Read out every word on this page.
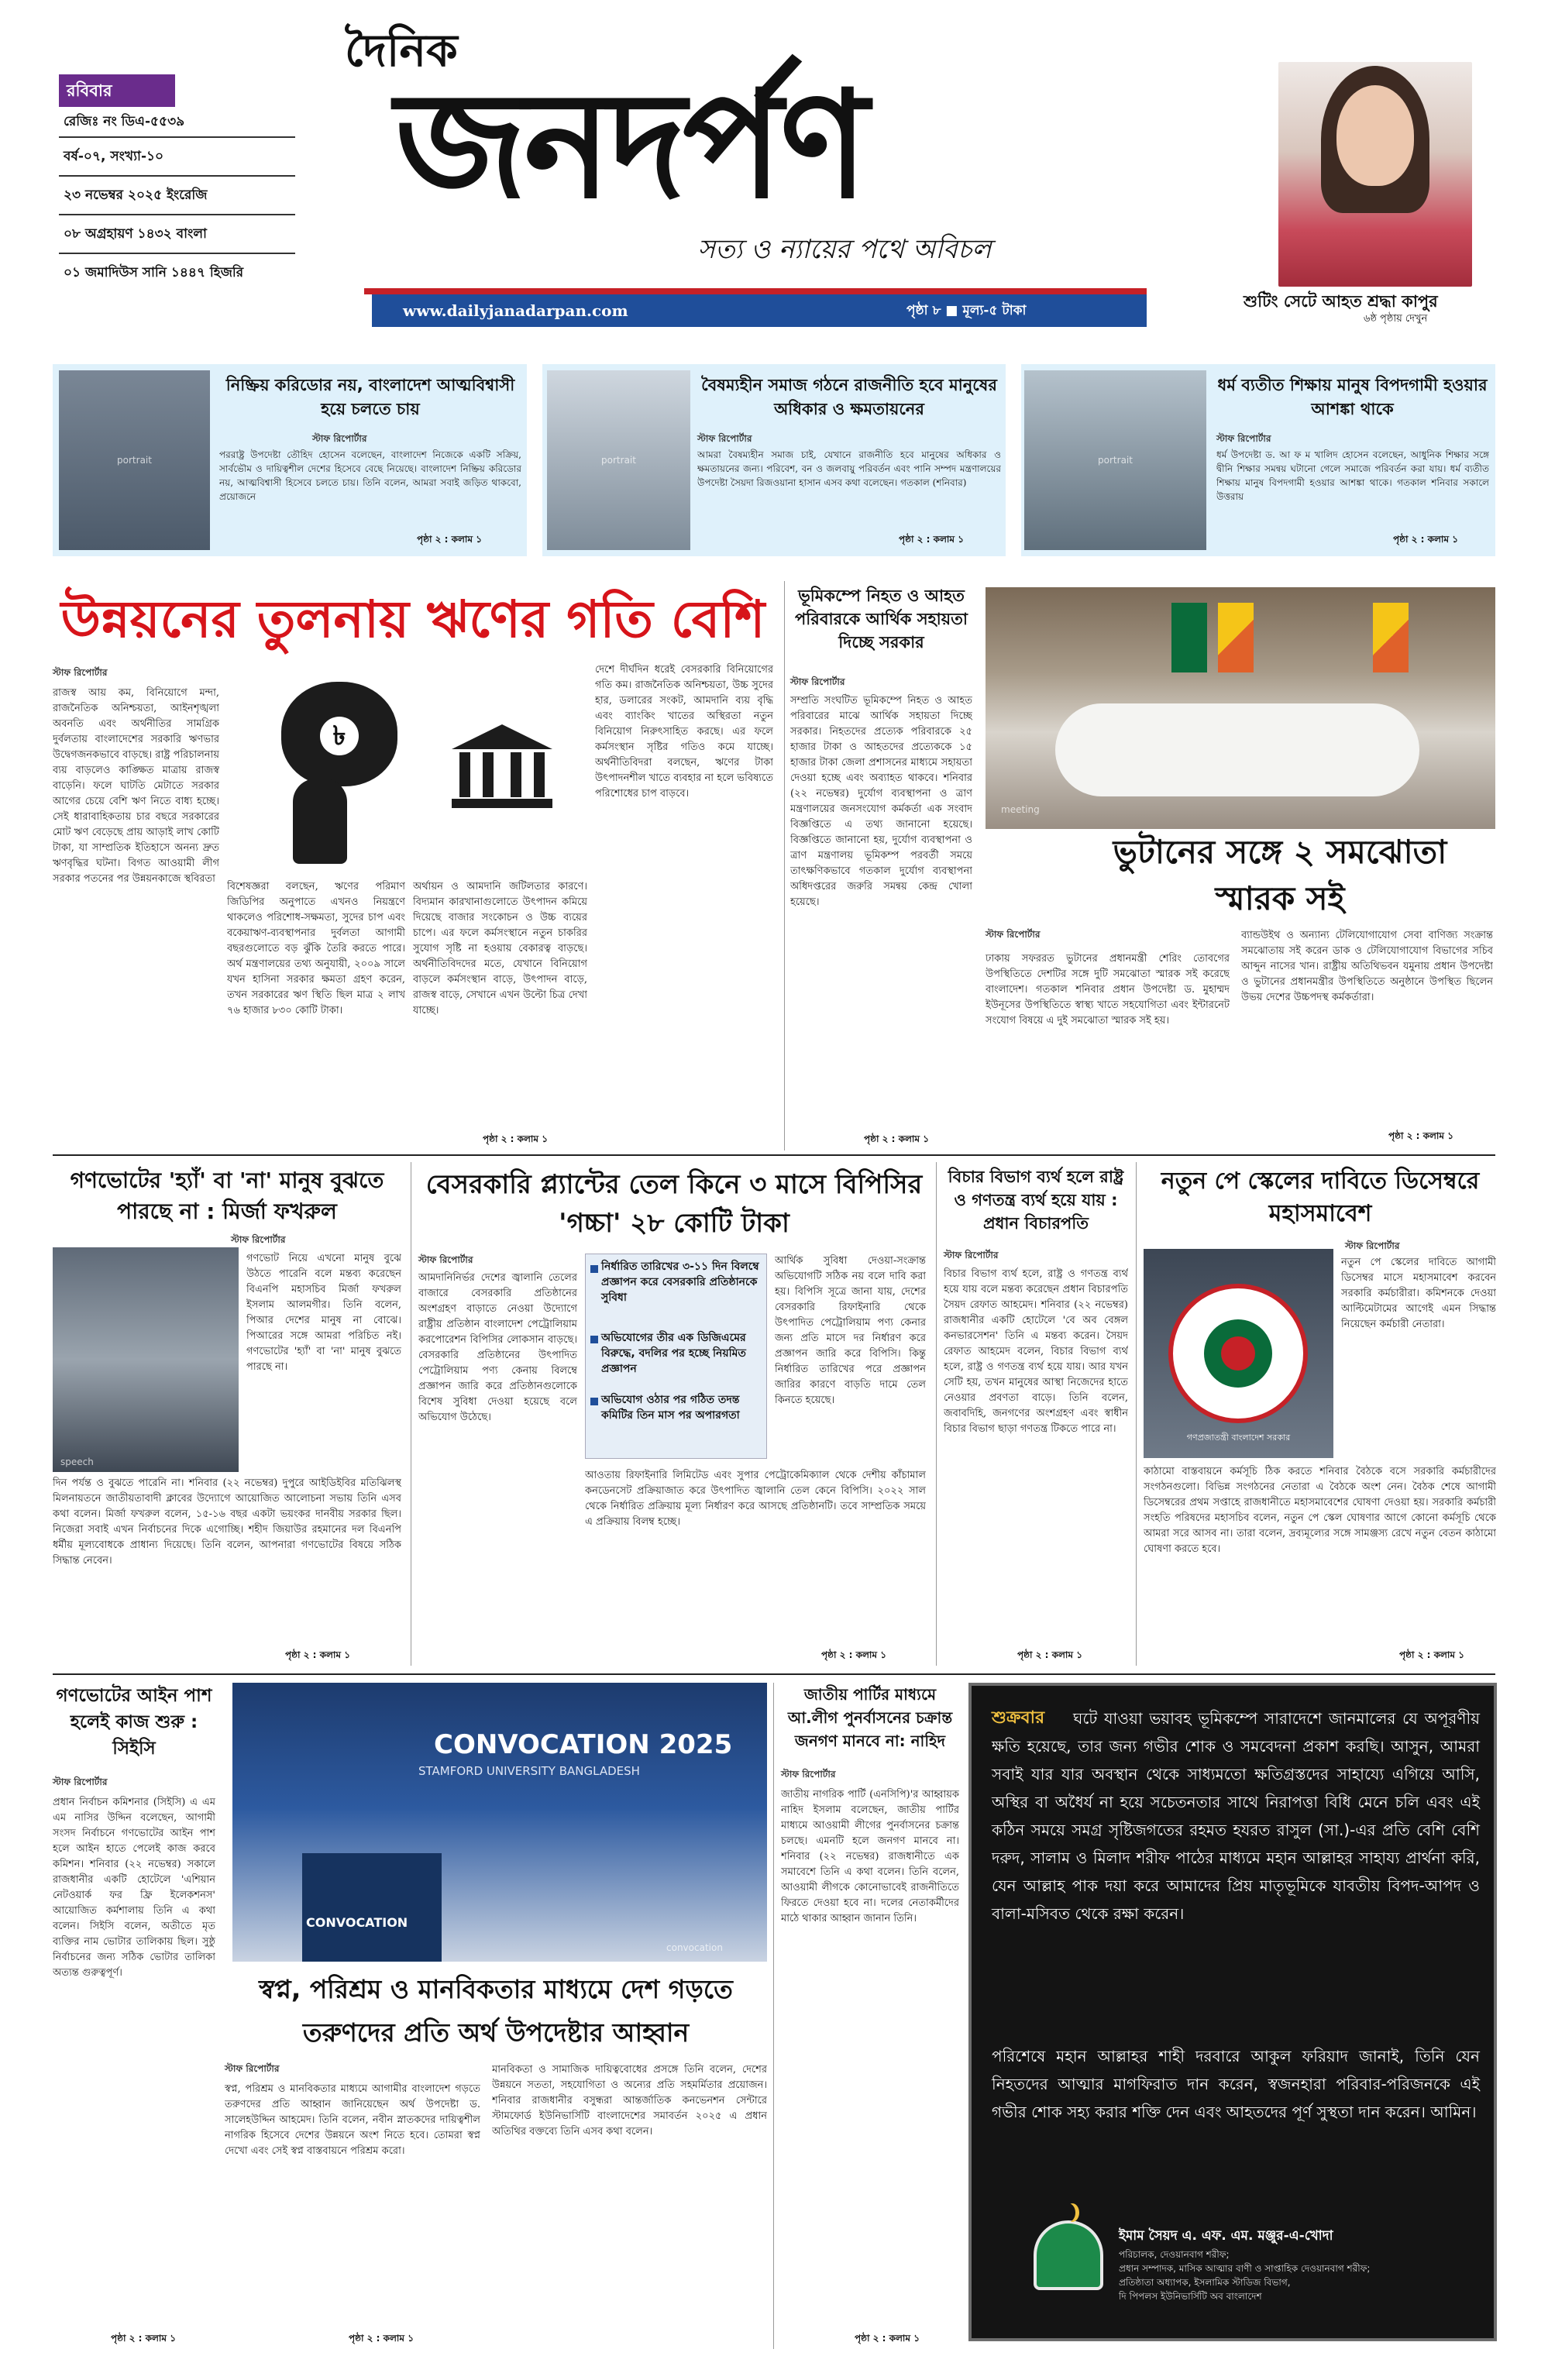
রবিবার
রেজিঃ নং ডিএ-৫৫৩৯
বর্ষ-০৭, সংখ্যা-১০
২৩ নভেম্বর ২০২৫ ইংরেজি
০৮ অগ্রহায়ণ ১৪৩২ বাংলা
০১ জমাদিউস সানি ১৪৪৭ হিজরি
দৈনিক
জনদর্পণ
সত্য ও ন্যায়ের পথে অবিচল
www.dailyjanadarpan.com	পৃষ্ঠা ৮ ■ মূল্য-৫ টাকা	শুটিং সেটে আহত শ্রদ্ধা কাপুর
৬ষ্ঠ পৃষ্ঠায় দেখুন
portrait
নিষ্ক্রিয় করিডোর নয়, বাংলাদেশ আত্মবিশ্বাসী হয়ে চলতে চায়
স্টাফ রিপোর্টার
পররাষ্ট্র উপদেষ্টা তৌহিদ হোসেন বলেছেন, বাংলাদেশ নিজেকে একটি সক্রিয়, সার্বভৌম ও দায়িত্বশীল দেশের হিসেবে বেছে নিয়েছে। বাংলাদেশ নিষ্ক্রিয় করিডোর নয়, আত্মবিশ্বাসী হিসেবে চলতে চায়। তিনি বলেন, আমরা সবাই জড়িত থাকবো, প্রয়োজনে
পৃষ্ঠা ২ : কলাম ১
portrait
বৈষম্যহীন সমাজ গঠনে রাজনীতি হবে মানুষের অধিকার ও ক্ষমতায়নের
স্টাফ রিপোর্টার
আমরা বৈষম্যহীন সমাজ চাই, যেখানে রাজনীতি হবে মানুষের অধিকার ও ক্ষমতায়নের জন্য। পরিবেশ, বন ও জলবায়ু পরিবর্তন এবং পানি সম্পদ মন্ত্রণালয়ের উপদেষ্টা সৈয়দা রিজওয়ানা হাসান এসব কথা বলেছেন। গতকাল (শনিবার)
পৃষ্ঠা ২ : কলাম ১
portrait
ধর্ম ব্যতীত শিক্ষায় মানুষ বিপদগামী হওয়ার আশঙ্কা থাকে
স্টাফ রিপোর্টার
ধর্ম উপদেষ্টা ড. আ ফ ম খালিদ হোসেন বলেছেন, আধুনিক শিক্ষার সঙ্গে দ্বীনি শিক্ষার সমন্বয় ঘটানো গেলে সমাজে পরিবর্তন করা যায়। ধর্ম ব্যতীত শিক্ষায় মানুষ বিপদগামী হওয়ার আশঙ্কা থাকে। গতকাল শনিবার সকালে উত্তরায়
পৃষ্ঠা ২ : কলাম ১
উন্নয়নের তুলনায় ঋণের গতি বেশি
স্টাফ রিপোর্টার
৳
ব্যাংক
রাজস্ব আয় কম, বিনিয়োগে মন্দা, রাজনৈতিক অনিশ্চয়তা, আইনশৃঙ্খলা অবনতি এবং অর্থনীতির সামগ্রিক দুর্বলতায় বাংলাদেশের সরকারি ঋণভার উদ্বেগজনকভাবে বাড়ছে। রাষ্ট্র পরিচালনায় ব্যয় বাড়লেও কাঙ্ক্ষিত মাত্রায় রাজস্ব বাড়েনি। ফলে ঘাটতি মেটাতে সরকার আগের চেয়ে বেশি ঋণ নিতে বাধ্য হচ্ছে। সেই ধারাবাহিকতায় চার বছরে সরকারের মোট ঋণ বেড়েছে প্রায় আড়াই লাখ কোটি টাকা, যা সাম্প্রতিক ইতিহাসে অনন্য দ্রুত ঋণবৃদ্ধির ঘটনা। বিগত আওয়ামী লীগ সরকার পতনের পর উন্নয়নকাজে স্থবিরতা
দেশে দীর্ঘদিন ধরেই বেসরকারি বিনিয়োগের গতি কম। রাজনৈতিক অনিশ্চয়তা, উচ্চ সুদের হার, ডলারের সংকট, আমদানি ব্যয় বৃদ্ধি এবং ব্যাংকিং খাতের অস্থিরতা নতুন বিনিয়োগ নিরুৎসাহিত করছে। এর ফলে কর্মসংস্থান সৃষ্টির গতিও কমে যাচ্ছে। অর্থনীতিবিদরা বলছেন, ঋণের টাকা উৎপাদনশীল খাতে ব্যবহার না হলে ভবিষ্যতে পরিশোধের চাপ বাড়বে।
বিশেষজ্ঞরা বলছেন, ঋণের পরিমাণ জিডিপির অনুপাতে এখনও নিয়ন্ত্রণে থাকলেও পরিশোধ-সক্ষমতা, সুদের চাপ এবং বকেয়াঋণ-ব্যবস্থাপনার দুর্বলতা আগামী বছরগুলোতে বড় ঝুঁকি তৈরি করতে পারে। অর্থ মন্ত্রণালয়ের তথ্য অনুযায়ী, ২০০৯ সালে যখন হাসিনা সরকার ক্ষমতা গ্রহণ করেন, তখন সরকারের ঋণ স্থিতি ছিল মাত্র ২ লাখ ৭৬ হাজার ৮৩০ কোটি টাকা।
অর্থায়ন ও আমদানি জটিলতার কারণে। বিদ্যমান কারখানাগুলোতে উৎপাদন কমিয়ে দিয়েছে বাজার সংকোচন ও উচ্চ ব্যয়ের চাপে। এর ফলে কর্মসংস্থানে নতুন চাকরির সুযোগ সৃষ্টি না হওয়ায় বেকারত্ব বাড়ছে। অর্থনীতিবিদদের মতে, যেখানে বিনিয়োগ বাড়লে কর্মসংস্থান বাড়ে, উৎপাদন বাড়ে, রাজস্ব বাড়ে, সেখানে এখন উল্টো চিত্র দেখা যাচ্ছে।
পৃষ্ঠা ২ : কলাম ১
ভূমিকম্পে নিহত ও আহত পরিবারকে আর্থিক সহায়তা দিচ্ছে সরকার
স্টাফ রিপোর্টার
সম্প্রতি সংঘটিত ভূমিকম্পে নিহত ও আহত পরিবারের মাঝে আর্থিক সহায়তা দিচ্ছে সরকার। নিহতদের প্রত্যেক পরিবারকে ২৫ হাজার টাকা ও আহতদের প্রত্যেককে ১৫ হাজার টাকা জেলা প্রশাসনের মাধ্যমে সহায়তা দেওয়া হচ্ছে এবং অব্যাহত থাকবে। শনিবার (২২ নভেম্বর) দুর্যোগ ব্যবস্থাপনা ও ত্রাণ মন্ত্রণালয়ের জনসংযোগ কর্মকর্তা এক সংবাদ বিজ্ঞপ্তিতে এ তথ্য জানানো হয়েছে। বিজ্ঞপ্তিতে জানানো হয়, দুর্যোগ ব্যবস্থাপনা ও ত্রাণ মন্ত্রণালয় ভূমিকম্প পরবর্তী সময়ে তাৎক্ষণিকভাবে গতকাল দুর্যোগ ব্যবস্থাপনা অধিদপ্তরের জরুরি সমন্বয় কেন্দ্র খোলা হয়েছে।
পৃষ্ঠা ২ : কলাম ১
meeting
ভুটানের সঙ্গে ২ সমঝোতা স্মারক সই
স্টাফ রিপোর্টার
ঢাকায় সফররত ভুটানের প্রধানমন্ত্রী শেরিং তোবগের উপস্থিতিতে দেশটির সঙ্গে দুটি সমঝোতা স্মারক সই করেছে বাংলাদেশ। গতকাল শনিবার প্রধান উপদেষ্টা ড. মুহাম্মদ ইউনূসের উপস্থিতিতে স্বাস্থ্য খাতে সহযোগিতা এবং ইন্টারনেট সংযোগ বিষয়ে এ দুই সমঝোতা স্মারক সই হয়।
ব্যান্ডউইথ ও অন্যান্য টেলিযোগাযোগ সেবা বাণিজ্য সংক্রান্ত সমঝোতায় সই করেন ডাক ও টেলিযোগাযোগ বিভাগের সচিব আব্দুন নাসের খান। রাষ্ট্রীয় অতিথিভবন যমুনায় প্রধান উপদেষ্টা ও ভুটানের প্রধানমন্ত্রীর উপস্থিতিতে অনুষ্ঠানে উপস্থিত ছিলেন উভয় দেশের উচ্চপদস্থ কর্মকর্তারা।
পৃষ্ঠা ২ : কলাম ১
গণভোটের 'হ্যাঁ' বা 'না' মানুষ বুঝতে পারছে না : মির্জা ফখরুল
স্টাফ রিপোর্টার
speech
গণভোট নিয়ে এখনো মানুষ বুঝে উঠতে পারেনি বলে মন্তব্য করেছেন বিএনপি মহাসচিব মির্জা ফখরুল ইসলাম আলমগীর। তিনি বলেন, পিআর দেশের মানুষ না বোঝে। পিআরের সঙ্গে আমরা পরিচিত নই। গণভোটের 'হ্যাঁ' বা 'না' মানুষ বুঝতে পারছে না।
দিন পর্যন্ত ও বুঝতে পারেনি না। শনিবার (২২ নভেম্বর) দুপুরে আইডিইবির মতিঝিলস্থ মিলনায়তনে জাতীয়তাবাদী ক্লাবের উদ্যোগে আয়োজিত আলোচনা সভায় তিনি এসব কথা বলেন। মির্জা ফখরুল বলেন, ১৫-১৬ বছর একটা ভয়ংকর দানবীয় সরকার ছিল। নিজেরা সবাই এখন নির্বাচনের দিকে এগোচ্ছি। শহীদ জিয়াউর রহমানের দল বিএনপি ধর্মীয় মূল্যবোধকে প্রাধান্য দিয়েছে। তিনি বলেন, আপনারা গণভোটের বিষয়ে সঠিক সিদ্ধান্ত নেবেন।
পৃষ্ঠা ২ : কলাম ১
বেসরকারি প্ল্যান্টের তেল কিনে ৩ মাসে বিপিসির 'গচ্চা' ২৮ কোটি টাকা
স্টাফ রিপোর্টার
নির্ধারিত তারিখের ৩-১১ দিন বিলম্বে প্রজ্ঞাপন করে বেসরকারি প্রতিষ্ঠানকে সুবিধা
অভিযোগের তীর এক ডিজিএমের বিরুদ্ধে, বদলির পর হচ্ছে নিয়মিত প্রজ্ঞাপন
অভিযোগ ওঠার পর গঠিত তদন্ত কমিটির তিন মাস পর অপারগতা
আমদানিনির্ভর দেশের জ্বালানি তেলের বাজারে বেসরকারি প্রতিষ্ঠানের অংশগ্রহণ বাড়াতে নেওয়া উদ্যোগে রাষ্ট্রীয় প্রতিষ্ঠান বাংলাদেশ পেট্রোলিয়াম করপোরেশন বিপিসির লোকসান বাড়ছে। বেসরকারি প্রতিষ্ঠানের উৎপাদিত পেট্রোলিয়াম পণ্য কেনায় বিলম্বে প্রজ্ঞাপন জারি করে প্রতিষ্ঠানগুলোকে বিশেষ সুবিধা দেওয়া হয়েছে বলে অভিযোগ উঠেছে।
আর্থিক সুবিধা দেওয়া-সংক্রান্ত অভিযোগটি সঠিক নয় বলে দাবি করা হয়। বিপিসি সূত্রে জানা যায়, দেশের বেসরকারি রিফাইনারি থেকে উৎপাদিত পেট্রোলিয়াম পণ্য কেনার জন্য প্রতি মাসে দর নির্ধারণ করে প্রজ্ঞাপন জারি করে বিপিসি। কিন্তু নির্ধারিত তারিখের পরে প্রজ্ঞাপন জারির কারণে বাড়তি দামে তেল কিনতে হয়েছে।
আওতায় রিফাইনারি লিমিটেড এবং সুপার পেট্রোকেমিক্যাল থেকে দেশীয় কাঁচামাল কনডেনসেট প্রক্রিয়াজাত করে উৎপাদিত জ্বালানি তেল কেনে বিপিসি। ২০২২ সাল থেকে নির্ধারিত প্রক্রিয়ায় মূল্য নির্ধারণ করে আসছে প্রতিষ্ঠানটি। তবে সাম্প্রতিক সময়ে এ প্রক্রিয়ায় বিলম্ব হচ্ছে।
পৃষ্ঠা ২ : কলাম ১
বিচার বিভাগ ব্যর্থ হলে রাষ্ট্র ও গণতন্ত্র ব্যর্থ হয়ে যায় : প্রধান বিচারপতি
স্টাফ রিপোর্টার
বিচার বিভাগ ব্যর্থ হলে, রাষ্ট্র ও গণতন্ত্র ব্যর্থ হয়ে যায় বলে মন্তব্য করেছেন প্রধান বিচারপতি সৈয়দ রেফাত আহমেদ। শনিবার (২২ নভেম্বর) রাজধানীর একটি হোটেলে 'বে অব বেঙ্গল কনভারসেশন' তিনি এ মন্তব্য করেন। সৈয়দ রেফাত আহমেদ বলেন, বিচার বিভাগ ব্যর্থ হলে, রাষ্ট্র ও গণতন্ত্র ব্যর্থ হয়ে যায়। আর যখন সেটি হয়, তখন মানুষের আস্থা নিজেদের হাতে নেওয়ার প্রবণতা বাড়ে। তিনি বলেন, জবাবদিহি, জনগণের অংশগ্রহণ এবং স্বাধীন বিচার বিভাগ ছাড়া গণতন্ত্র টিকতে পারে না।
পৃষ্ঠা ২ : কলাম ১
নতুন পে স্কেলের দাবিতে ডিসেম্বরে মহাসমাবেশ
স্টাফ রিপোর্টার
গণপ্রজাতন্ত্রী বাংলাদেশ সরকার
নতুন পে স্কেলের দাবিতে আগামী ডিসেম্বর মাসে মহাসমাবেশ করবেন সরকারি কর্মচারীরা। কমিশনকে দেওয়া আল্টিমেটামের আগেই এমন সিদ্ধান্ত নিয়েছেন কর্মচারী নেতারা।
কাঠামো বাস্তবায়নে কর্মসূচি ঠিক করতে শনিবার বৈঠকে বসে সরকারি কর্মচারীদের সংগঠনগুলো। বিভিন্ন সংগঠনের নেতারা এ বৈঠকে অংশ নেন। বৈঠক শেষে আগামী ডিসেম্বরের প্রথম সপ্তাহে রাজধানীতে মহাসমাবেশের ঘোষণা দেওয়া হয়। সরকারি কর্মচারী সংহতি পরিষদের মহাসচিব বলেন, নতুন পে স্কেল ঘোষণার আগে কোনো কর্মসূচি থেকে আমরা সরে আসব না। তারা বলেন, দ্রব্যমূল্যের সঙ্গে সামঞ্জস্য রেখে নতুন বেতন কাঠামো ঘোষণা করতে হবে।
পৃষ্ঠা ২ : কলাম ১
গণভোটের আইন পাশ হলেই কাজ শুরু : সিইসি
স্টাফ রিপোর্টার
প্রধান নির্বাচন কমিশনার (সিইসি) এ এম এম নাসির উদ্দিন বলেছেন, আগামী সংসদ নির্বাচনে গণভোটের আইন পাশ হলে আইন হাতে পেলেই কাজ করবে কমিশন। শনিবার (২২ নভেম্বর) সকালে রাজধানীর একটি হোটেলে 'এশিয়ান নেটওয়ার্ক ফর ফ্রি ইলেকশনস' আয়োজিত কর্মশালায় তিনি এ কথা বলেন। সিইসি বলেন, অতীতে মৃত ব্যক্তির নাম ভোটার তালিকায় ছিল। সুষ্ঠু নির্বাচনের জন্য সঠিক ভোটার তালিকা অত্যন্ত গুরুত্বপূর্ণ।
পৃষ্ঠা ২ : কলাম ১
CONVOCATION 2025
STAMFORD UNIVERSITY BANGLADESH
CONVOCATION
convocation
স্বপ্ন, পরিশ্রম ও মানবিকতার মাধ্যমে দেশ গড়তে তরুণদের প্রতি অর্থ উপদেষ্টার আহ্বান
স্টাফ রিপোর্টার
স্বপ্ন, পরিশ্রম ও মানবিকতার মাধ্যমে আগামীর বাংলাদেশ গড়তে তরুণদের প্রতি আহ্বান জানিয়েছেন অর্থ উপদেষ্টা ড. সালেহউদ্দিন আহমেদ। তিনি বলেন, নবীন স্নাতকদের দায়িত্বশীল নাগরিক হিসেবে দেশের উন্নয়নে অংশ নিতে হবে। তোমরা স্বপ্ন দেখো এবং সেই স্বপ্ন বাস্তবায়নে পরিশ্রম করো।
মানবিকতা ও সামাজিক দায়িত্ববোধের প্রসঙ্গে তিনি বলেন, দেশের উন্নয়নে সততা, সহযোগিতা ও অন্যের প্রতি সহমর্মিতার প্রয়োজন। শনিবার রাজধানীর বসুন্ধরা আন্তর্জাতিক কনভেনশন সেন্টারে স্টামফোর্ড ইউনিভার্সিটি বাংলাদেশের সমাবর্তন ২০২৫ এ প্রধান অতিথির বক্তব্যে তিনি এসব কথা বলেন।
পৃষ্ঠা ২ : কলাম ১
জাতীয় পার্টির মাধ্যমে আ.লীগ পুনর্বাসনের চক্রান্ত জনগণ মানবে না: নাহিদ
স্টাফ রিপোর্টার
জাতীয় নাগরিক পার্টি (এনসিপি)'র আহ্বায়ক নাহিদ ইসলাম বলেছেন, জাতীয় পার্টির মাধ্যমে আওয়ামী লীগের পুনর্বাসনের চক্রান্ত চলছে। এমনটি হলে জনগণ মানবে না। শনিবার (২২ নভেম্বর) রাজধানীতে এক সমাবেশে তিনি এ কথা বলেন। তিনি বলেন, আওয়ামী লীগকে কোনোভাবেই রাজনীতিতে ফিরতে দেওয়া হবে না। দলের নেতাকর্মীদের মাঠে থাকার আহ্বান জানান তিনি।
পৃষ্ঠা ২ : কলাম ১
শুক্রবার	ঘটে যাওয়া ভয়াবহ ভূমিকম্পে সারাদেশে জানমালের যে অপূরণীয় ক্ষতি হয়েছে, তার জন্য গভীর শোক ও সমবেদনা প্রকাশ করছি। আসুন, আমরা সবাই যার যার অবস্থান থেকে সাধ্যমতো ক্ষতিগ্রস্তদের সাহায্যে এগিয়ে আসি, অস্থির বা অধৈর্য না হয়ে সচেতনতার সাথে নিরাপত্তা বিধি মেনে চলি এবং এই কঠিন সময়ে সমগ্র সৃষ্টিজগতের রহমত হযরত রাসুল (সা.)-এর প্রতি বেশি বেশি দরুদ, সালাম ও মিলাদ শরীফ পাঠের মাধ্যমে মহান আল্লাহর সাহায্য প্রার্থনা করি, যেন আল্লাহ পাক দয়া করে আমাদের প্রিয় মাতৃভূমিকে যাবতীয় বিপদ-আপদ ও বালা-মসিবত থেকে রক্ষা করেন।
পরিশেষে মহান আল্লাহর শাহী দরবারে আকুল ফরিয়াদ জানাই, তিনি যেন নিহতদের আত্মার মাগফিরাত দান করেন, স্বজনহারা পরিবার-পরিজনকে এই গভীর শোক সহ্য করার শক্তি দেন এবং আহতদের পূর্ণ সুস্থতা দান করেন। আমিন।
ইমাম সৈয়দ এ. এফ. এম. মঞ্জুর-এ-খোদা
পরিচালক, দেওয়ানবাগ শরীফ;
প্রধান সম্পাদক, মাসিক আত্মার বাণী ও সাপ্তাহিক দেওয়ানবাগ শরীফ;
প্রতিষ্ঠাতা অধ্যাপক, ইসলামিক স্টাডিজ বিভাগ,
দি পিপলস ইউনিভার্সিটি অব বাংলাদেশ
